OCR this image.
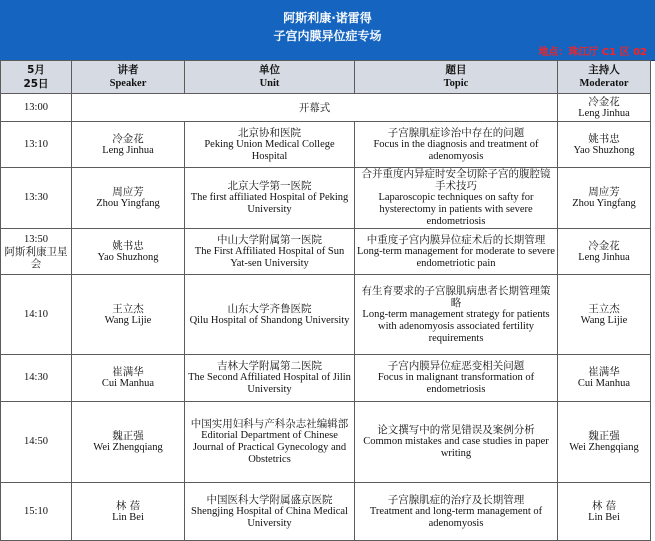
阿斯利康·诺雷得
子宫内膜异位症专场
地点：珠江厅 C1 区 02
5月
25日	讲者
Speaker	单位
Unit	题目
Topic	主持人
Moderator

13:00	开幕式			冷金花
Leng Jinhua

13:10	冷金花
Leng Jinhua	北京协和医院
Peking Union Medical College Hospital	子宫腺肌症诊治中存在的问题
Focus in the diagnosis and treatment of adenomyosis	姚书忠
Yao Shuzhong

13:30	周应芳
Zhou Yingfang	北京大学第一医院
The first affiliated Hospital of Peking University	合并重度内异症时安全切除子宫的腹腔镜手术技巧
Laparoscopic techniques on safty for hysterectomy in patients with severe endometriosis	周应芳
Zhou Yingfang

13:50
阿斯利康卫星会	姚书忠
Yao Shuzhong	中山大学附属第一医院
The First Affiliated Hospital of Sun Yat-sen University	中重度子宫内膜异位症术后的长期管理
Long-term management for moderate to severe endometriotic pain	冷金花
Leng Jinhua

14:10	王立杰
Wang Lijie	山东大学齐鲁医院
Qilu Hospital of Shandong University	有生育要求的子宫腺肌病患者长期管理策略
Long-term management strategy for patients with adenomyosis associated fertility requirements	王立杰
Wang Lijie

14:30	崔满华
Cui Manhua	吉林大学附属第二医院
The Second Affiliated Hospital of Jilin University	子宫内膜异位症恶变相关问题
Focus in malignant transformation of endometriosis	崔满华
Cui Manhua

14:50	魏正强
Wei Zhengqiang	中国实用妇科与产科杂志社编辑部
Editorial Department of Chinese Journal of Practical Gynecology and Obstetrics	论文撰写中的常见错误及案例分析
Common mistakes and case studies in paper writing	魏正强
Wei Zhengqiang

15:10	林 蓓
Lin Bei	中国医科大学附属盛京医院
Shengjing Hospital of China Medical University	子宫腺肌症的治疗及长期管理
Treatment and long-term management of adenomyosis	林 蓓
Lin Bei
